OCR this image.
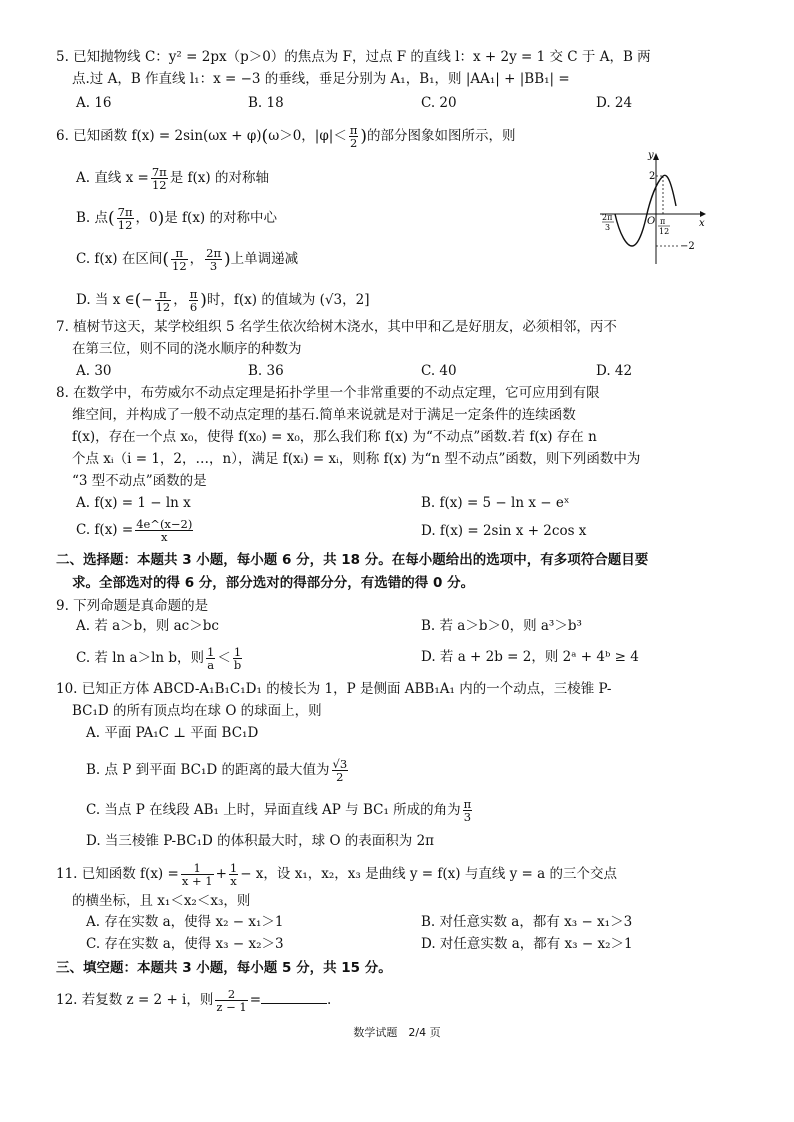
5. 已知抛物线 C：y² = 2px（p＞0）的焦点为 F，过点 F 的直线 l：x + 2y = 1 交 C 于 A，B 两
点.过 A，B 作直线 l₁：x = −3 的垂线，垂足分别为 A₁，B₁，则 |AA₁| + |BB₁| =
A. 16	B. 18	C. 20	D. 24
6. 已知函数 f(x) = 2sin(ωx + φ)(ω＞0，$|\varphi|< \frac{\pi}{2}$ )的部分图象如图所示，则
A. 直线 $x = \frac{7\pi}{12}$ 是 f(x) 的对称轴
B. 点( $\frac{7\pi}{12}$ ，0)是 f(x) 的对称中心
C. f(x) 在区间( $\frac{\pi}{12}$ ， $\frac{2\pi}{3}$ )上单调递减
D. 当 x ∈(− $\frac{\pi}{12}$ ， $\frac{\pi}{6}$ )时，f(x) 的值域为 (√3，2]
y
x
2
−2
O
2π
3
π
12
7. 植树节这天，某学校组织 5 名学生依次给树木浇水，其中甲和乙是好朋友，必须相邻，丙不
在第三位，则不同的浇水顺序的种数为
A. 30	B. 36	C. 40	D. 42
8. 在数学中，布劳威尔不动点定理是拓扑学里一个非常重要的不动点定理，它可应用到有限
维空间，并构成了一般不动点定理的基石.简单来说就是对于满足一定条件的连续函数
f(x)，存在一个点 x₀，使得 f(x₀) = x₀，那么我们称 f(x) 为“不动点”函数.若 f(x) 存在 n
个点 xᵢ（i = 1，2，…，n），满足 f(xᵢ) = xᵢ，则称 f(x) 为“n 型不动点”函数，则下列函数中为
“3 型不动点”函数的是
A. f(x) = 1 − ln x	B. f(x) = 5 − ln x − eˣ
C. $f(x) = \frac{4e\^{}(x-2)}{x}$	D. f(x) = 2sin x + 2cos x
二、选择题：本题共 3 小题，每小题 6 分，共 18 分。在每小题给出的选项中，有多项符合题目要
求。全部选对的得 6 分，部分选对的得部分分，有选错的得 0 分。
9. 下列命题是真命题的是
A. 若 a＞b，则 ac＞bc	B. 若 a＞b＞0，则 a³＞b³
C. 若 ln a＞ln b，则 $\frac{1}{a} < \frac{1}{b}$	D. 若 a + 2b = 2，则 2ᵃ + 4ᵇ ≥ 4
10. 已知正方体 ABCD-A₁B₁C₁D₁ 的棱长为 1，P 是侧面 ABB₁A₁ 内的一个动点，三棱锥 P-
BC₁D 的所有顶点均在球 O 的球面上，则
A. 平面 PA₁C ⊥ 平面 BC₁D
B. 点 P 到平面 BC₁D 的距离的最大值为 $\frac{√3}{2}$
C. 当点 P 在线段 AB₁ 上时，异面直线 AP 与 BC₁ 所成的角为 $\frac{\pi}{3}$
D. 当三棱锥 P-BC₁D 的体积最大时，球 O 的表面积为 2π
11. 已知函数 $f(x) = \frac{1}{x + 1} + \frac{1}{x} - x$，设 x₁，x₂，x₃ 是曲线 y = f(x) 与直线 y = a 的三个交点
的横坐标，且 x₁＜x₂＜x₃，则
A. 存在实数 a，使得 x₂ − x₁＞1	B. 对任意实数 a，都有 x₃ − x₁＞3
C. 存在实数 a，使得 x₃ − x₂＞3	D. 对任意实数 a，都有 x₃ − x₂＞1
三、填空题：本题共 3 小题，每小题 5 分，共 15 分。
12. 若复数 z = 2 + i，则 $\frac{2}{z - 1}$ =	.
数学试题　2/4 页
